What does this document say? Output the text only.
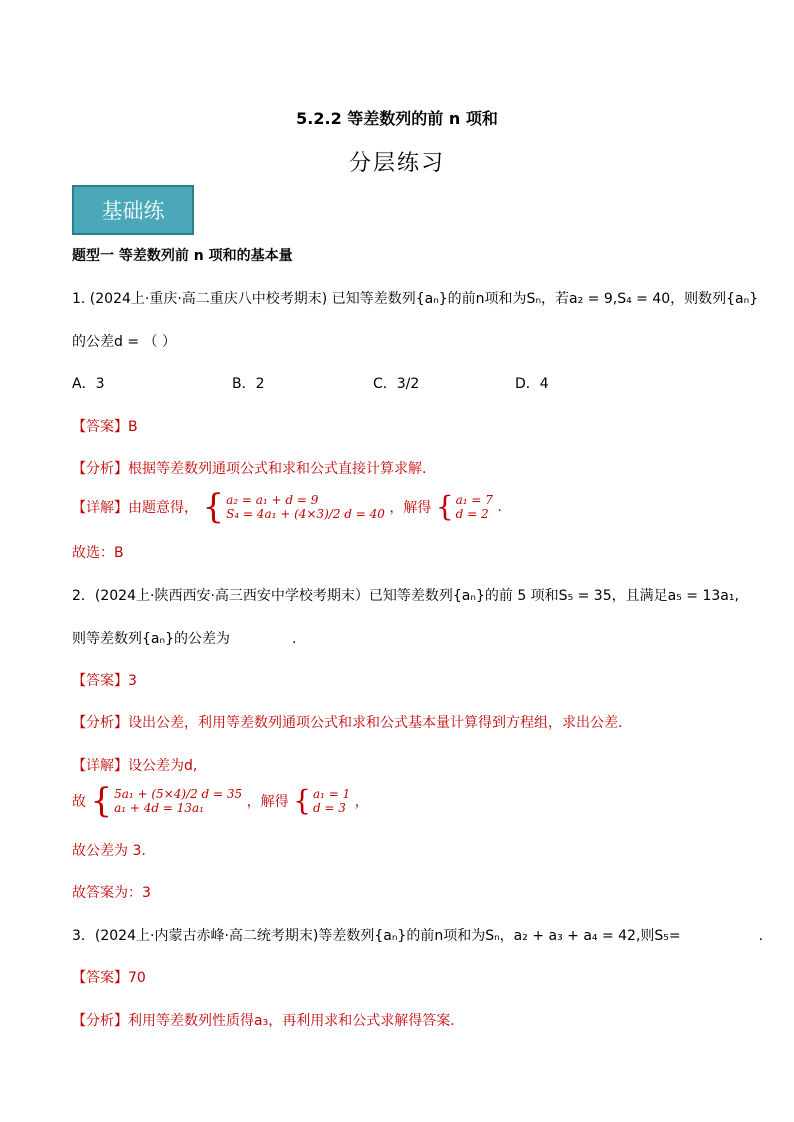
5.2.2 等差数列的前 n 项和
分层练习
基础练
题型一 等差数列前 n 项和的基本量
1. (2024上·重庆·高二重庆八中校考期末) 已知等差数列{aₙ}的前n项和为Sₙ，若a₂ = 9,S₄ = 40，则数列{aₙ}
的公差d = （ ）
A．3	B．2	C．3/2	D．4
【答案】B
【分析】根据等差数列通项公式和求和公式直接计算求解.
【详解】由题意得， { a₂ = a₁ + d = 9
S₄ = 4a₁ + (4×3)/2 d = 40 ，解得 { a₁ = 7
d = 2 .
故选：B
2．(2024上·陕西西安·高三西安中学校考期末）已知等差数列{aₙ}的前 5 项和S₅ = 35，且满足a₅ = 13a₁,
则等差数列{aₙ}的公差为	.
【答案】3
【分析】设出公差，利用等差数列通项公式和求和公式基本量计算得到方程组，求出公差.
【详解】设公差为d,
故 { 5a₁ + (5×4)/2 d = 35
a₁ + 4d = 13a₁	，解得 { a₁ = 1
d = 3 ，
故公差为 3.
故答案为：3
3．(2024上·内蒙古赤峰·高二统考期末)等差数列{aₙ}的前n项和为Sₙ，a₂ + a₃ + a₄ = 42,则S₅=	.
【答案】70
【分析】利用等差数列性质得a₃，再利用求和公式求解得答案.
